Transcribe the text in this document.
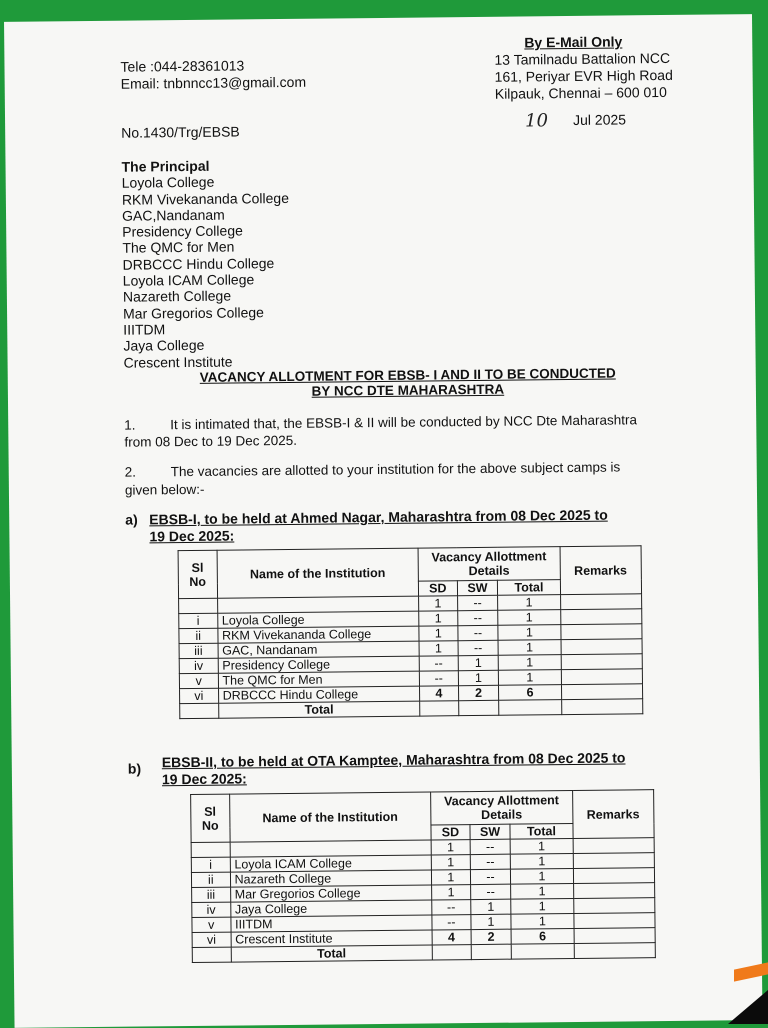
Tele :044-28361013
Email: tnbnncc13@gmail.com
By E-Mail Only
13 Tamilnadu Battalion NCC
161, Periyar EVR High Road
Kilpauk, Chennai – 600 010
No.1430/Trg/EBSB
10 Jul 2025
The Principal
Loyola College
RKM Vivekananda College
GAC,Nandanam
Presidency College
The QMC for Men
DRBCCC Hindu College
Loyola ICAM College
Nazareth College
Mar Gregorios College
IIITDM
Jaya College
Crescent Institute
VACANCY ALLOTMENT FOR EBSB- I AND II TO BE CONDUCTED
BY NCC DTE MAHARASHTRA
1.	It is intimated that, the EBSB-I & II will be conducted by NCC Dte Maharashtra
from 08 Dec to 19 Dec 2025.
2.	The vacancies are allotted to your institution for the above subject camps is
given below:-
a) EBSB-I, to be held at Ahmed Nagar, Maharashtra from 08 Dec 2025 to
19 Dec 2025:
Sl No	Name of the Institution	Vacancy Allottment Details			Remarks
		SD	SW	Total	
		1	--	1	
i	Loyola College	1	--	1	
ii	RKM Vivekananda College	1	--	1	
iii	GAC, Nandanam	1	--	1	
iv	Presidency College	--	1	1	
v	The QMC for Men	--	1	1	
vi	DRBCCC Hindu College	4	2	6	
	Total				
b) EBSB-II, to be held at OTA Kamptee, Maharashtra from 08 Dec 2025 to
19 Dec 2025:
Sl No	Name of the Institution	Vacancy Allottment Details			Remarks
		SD	SW	Total	
		1	--	1	
i	Loyola ICAM College	1	--	1	
ii	Nazareth College	1	--	1	
iii	Mar Gregorios College	1	--	1	
iv	Jaya College	--	1	1	
v	IIITDM	--	1	1	
vi	Crescent Institute	4	2	6	
	Total				
